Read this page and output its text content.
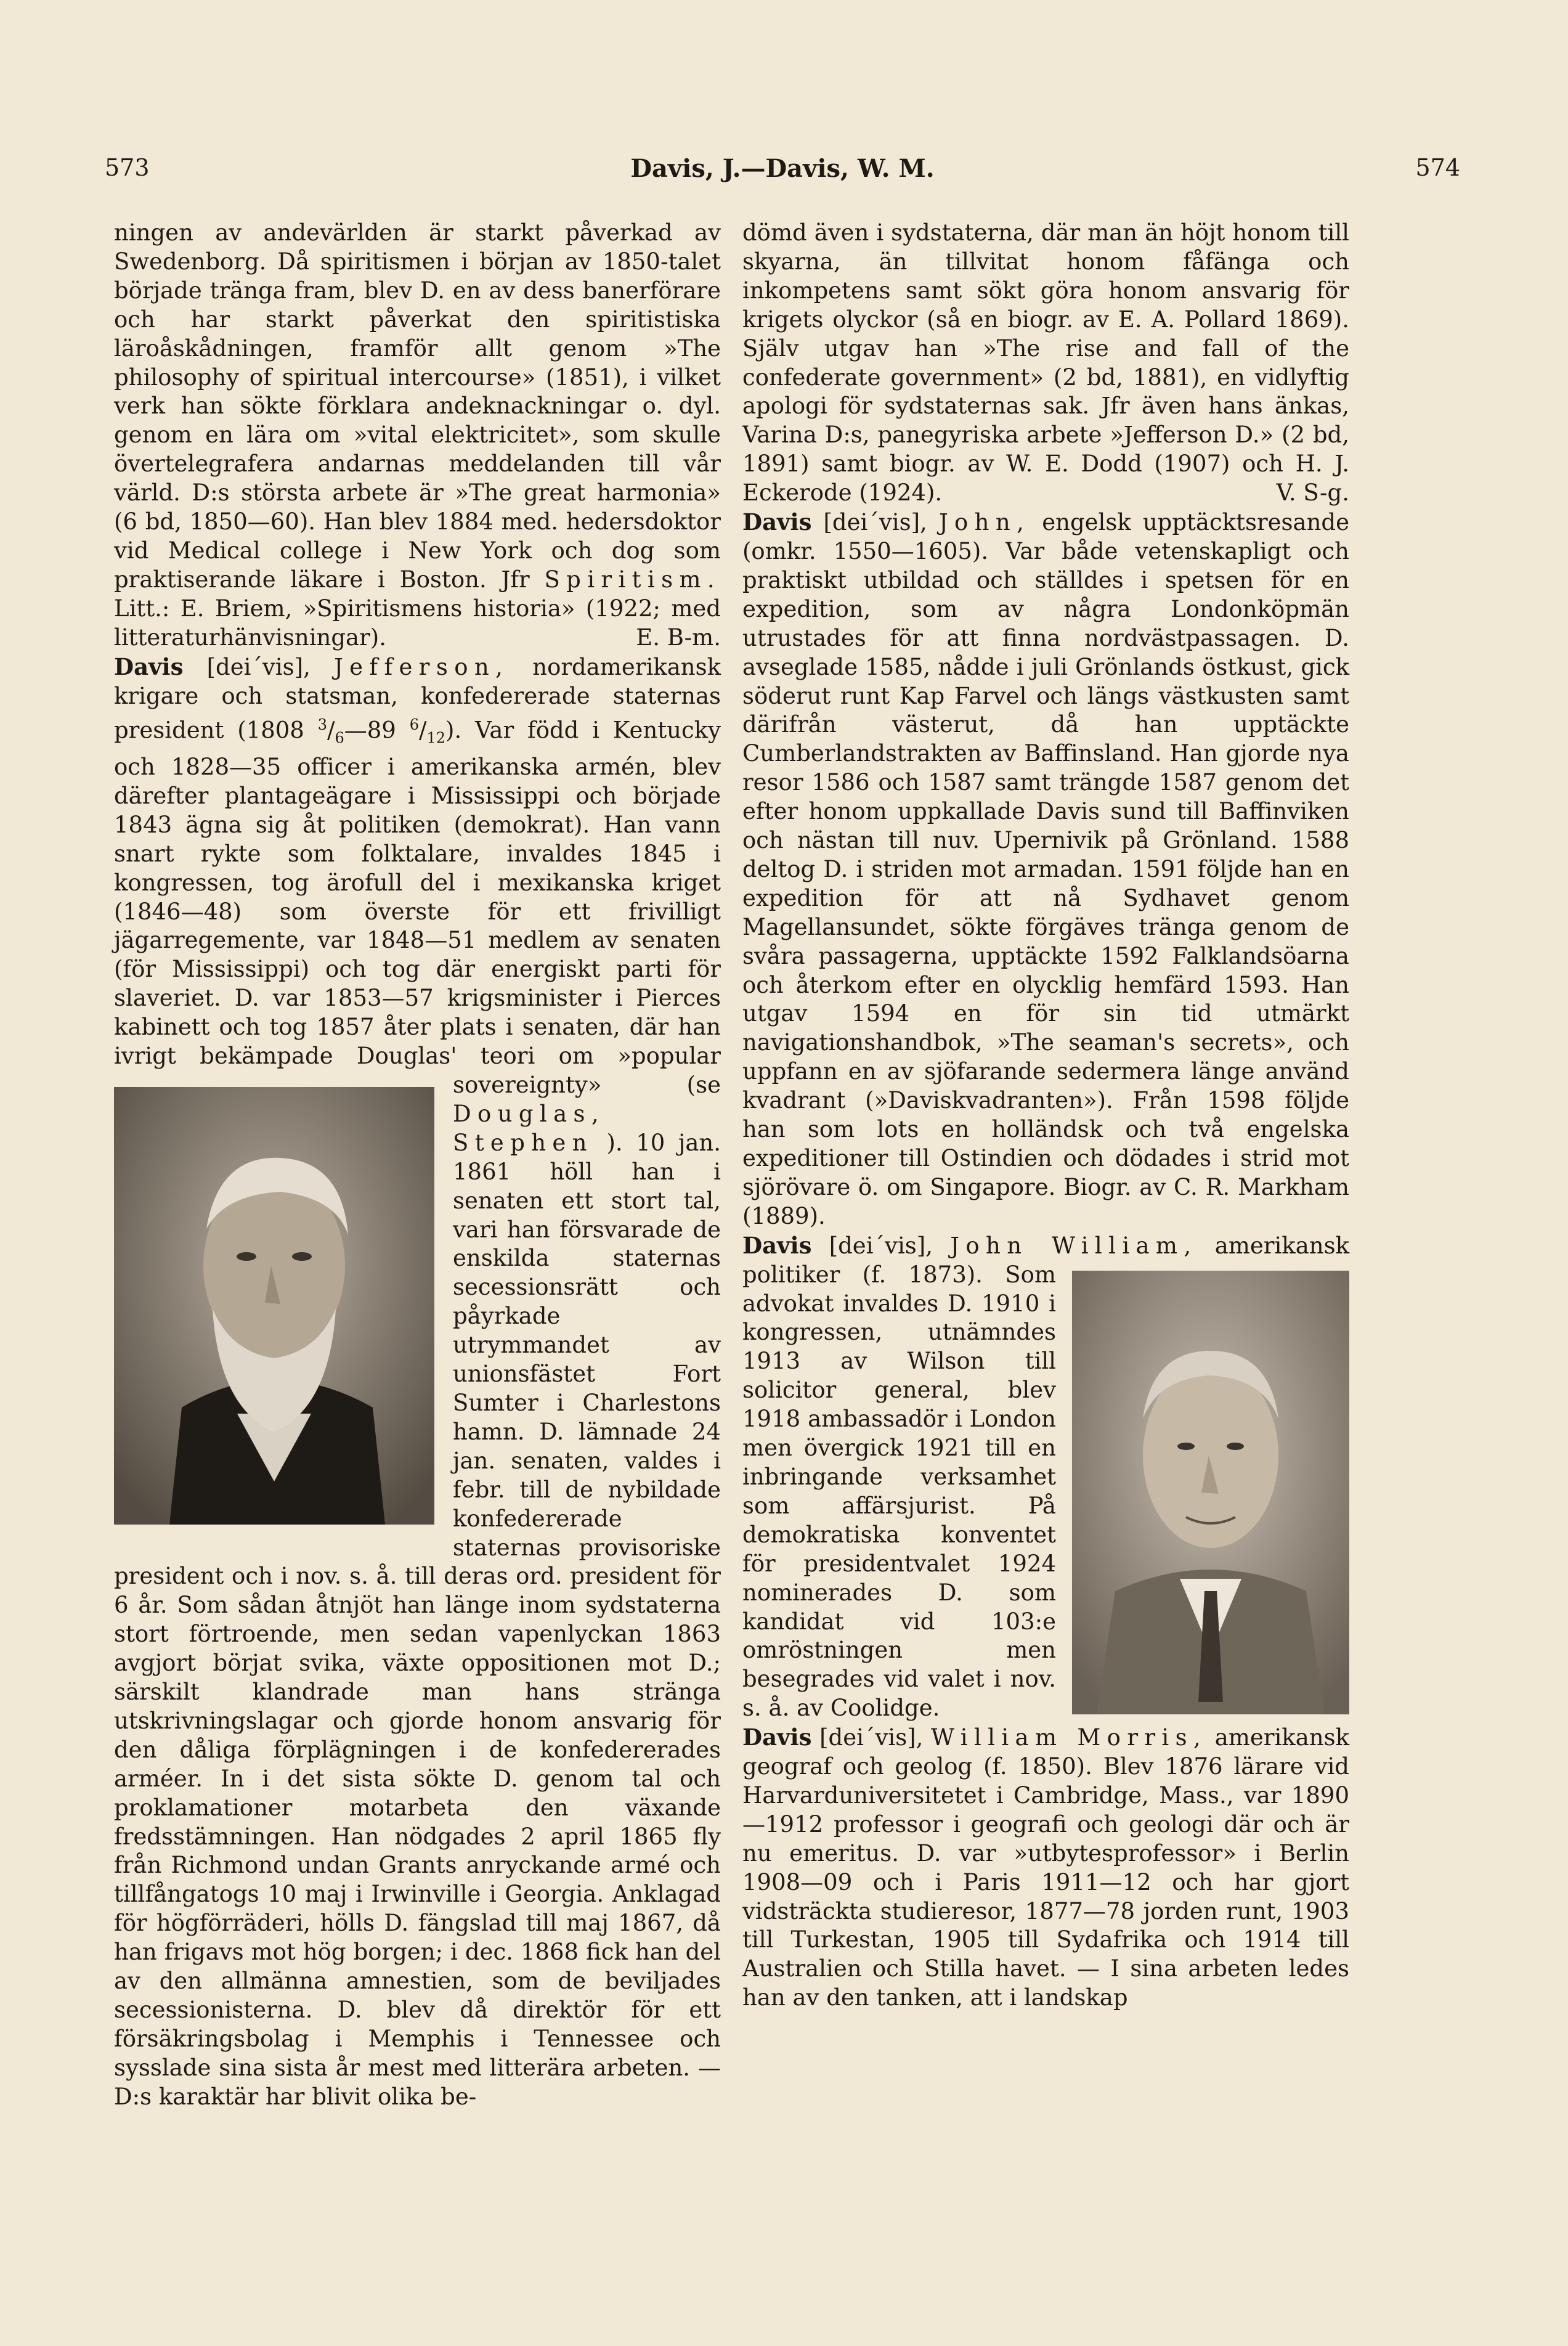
573	Davis, J.—Davis, W. M.	574

ningen av andevärlden är starkt påverkad av Swedenborg. Då spiritismen i början av 1850-talet började tränga fram, blev D. en av dess banerförare och har starkt påverkat den spiritistiska läroåskådningen, framför allt genom »The philosophy of spiritual intercourse» (1851), i vilket verk han sökte förklara andeknackningar o. dyl. genom en lära om »vital elektricitet», som skulle övertelegrafera andarnas meddelanden till vår värld. D:s största arbete är »The great harmonia» (6 bd, 1850—60). Han blev 1884 med. hedersdoktor vid Medical college i New York och dog som praktiserande läkare i Boston. Jfr Spiritism. Litt.: E. Briem, »Spiritismens historia» (1922; med litteraturhänvisningar).	E. B-m.

Davis [dei´vis], Jefferson, nordamerikansk krigare och statsman, konfedererade staternas president (1808 $^3/_6—89$ $^6/_{12}$). Var född i Kentucky och 1828—35 officer i amerikanska armén, blev därefter plantageägare i Mississippi och började 1843 ägna sig åt politiken (demokrat). Han vann snart rykte som folktalare, invaldes 1845 i kongressen, tog ärofull del i mexikanska kriget (1846—48) som överste för ett frivilligt jägarregemente, var 1848—51 medlem av senaten (för Mississippi) och tog där energiskt parti för slaveriet. D. var 1853—57 krigsminister i Pierces kabinett och tog 1857 åter plats i senaten, där han ivrigt bekämpade Douglas' teori om »popular sovereignty» (se
Douglas, Stephen ). 10 jan. 1861 höll han i senaten ett stort tal, vari han försvarade de enskilda staternas secessionsrätt och påyrkade utrymmandet av unionsfästet Fort Sumter i Charlestons hamn. D. lämnade 24 jan. senaten, valdes i febr. till de nybildade konfedererade staternas provisoriske president och i nov. s. å. till deras ord. president för 6 år. Som sådan åtnjöt han länge inom sydstaterna stort förtroende, men sedan vapenlyckan 1863 avgjort börjat svika, växte oppositionen mot D.; särskilt klandrade man hans stränga utskrivningslagar och gjorde honom ansvarig för den dåliga förplägningen i de konfedererades arméer. In i det sista sökte D. genom tal och proklamationer motarbeta den växande fredsstämningen. Han nödgades 2 april 1865 fly från Richmond undan Grants anryckande armé och tillfångatogs 10 maj i Irwinville i Georgia. Anklagad för högförräderi, hölls D. fängslad till maj 1867, då han frigavs mot hög borgen; i dec. 1868 fick han del av den allmänna amnestien, som de beviljades secessionisterna. D. blev då direktör för ett försäkringsbolag i Memphis i Tennessee och sysslade sina sista år mest med litterära arbeten. — D:s karaktär har blivit olika be-

dömd även i sydstaterna, där man än höjt honom till skyarna, än tillvitat honom fåfänga och inkompetens samt sökt göra honom ansvarig för krigets olyckor (så en biogr. av E. A. Pollard 1869). Själv utgav han »The rise and fall of the confederate government» (2 bd, 1881), en vidlyftig apologi för sydstaternas sak. Jfr även hans änkas, Varina D:s, panegyriska arbete »Jefferson D.» (2 bd, 1891) samt biogr. av W. E. Dodd (1907) och H. J. Eckerode (1924).	V. S-g.

Davis [dei´vis], John, engelsk upptäcktsresande (omkr. 1550—1605). Var både vetenskapligt och praktiskt utbildad och ställdes i spetsen för en expedition, som av några Londonköpmän utrustades för att finna nordvästpassagen. D. avseglade 1585, nådde i juli Grönlands östkust, gick söderut runt Kap Farvel och längs västkusten samt därifrån västerut, då han upptäckte Cumberlandstrakten av Baffinsland. Han gjorde nya resor 1586 och 1587 samt trängde 1587 genom det efter honom uppkallade Davis sund till Baffinviken och nästan till nuv. Upernivik på Grönland. 1588 deltog D. i striden mot armadan. 1591 följde han en expedition för att nå Sydhavet genom Magellansundet, sökte förgäves tränga genom de svåra passagerna, upptäckte 1592 Falklandsöarna och återkom efter en olycklig hemfärd 1593. Han utgav 1594 en för sin tid utmärkt navigationshandbok, »The seaman's secrets», och uppfann en av sjöfarande sedermera länge använd kvadrant (»Daviskvadranten»). Från 1598 följde han som lots en holländsk och två engelska expeditioner till Ostindien och dödades i strid mot sjörövare ö. om Singapore. Biogr. av C. R. Markham (1889).

Davis [dei´vis], John William, amerikansk politiker (f. 1873). Som advokat invaldes D. 1910 i kongressen, utnämndes 1913 av Wilson till solicitor general, blev 1918 ambassadör i London men övergick 1921 till en inbringande verksamhet som affärsjurist. På demokratiska konventet för presidentvalet 1924 nominerades D. som kandidat vid 103:e omröstningen men besegrades vid valet i nov. s. å. av Coolidge.

Davis [dei´vis], William Morris, amerikansk geograf och geolog (f. 1850). Blev 1876 lärare vid Harvarduniversitetet i Cambridge, Mass., var 1890—1912 professor i geografi och geologi där och är nu emeritus. D. var »utbytesprofessor» i Berlin 1908—09 och i Paris 1911—12 och har gjort vidsträckta studieresor, 1877—78 jorden runt, 1903 till Turkestan, 1905 till Sydafrika och 1914 till Australien och Stilla havet. — I sina arbeten ledes han av den tanken, att i landskap
